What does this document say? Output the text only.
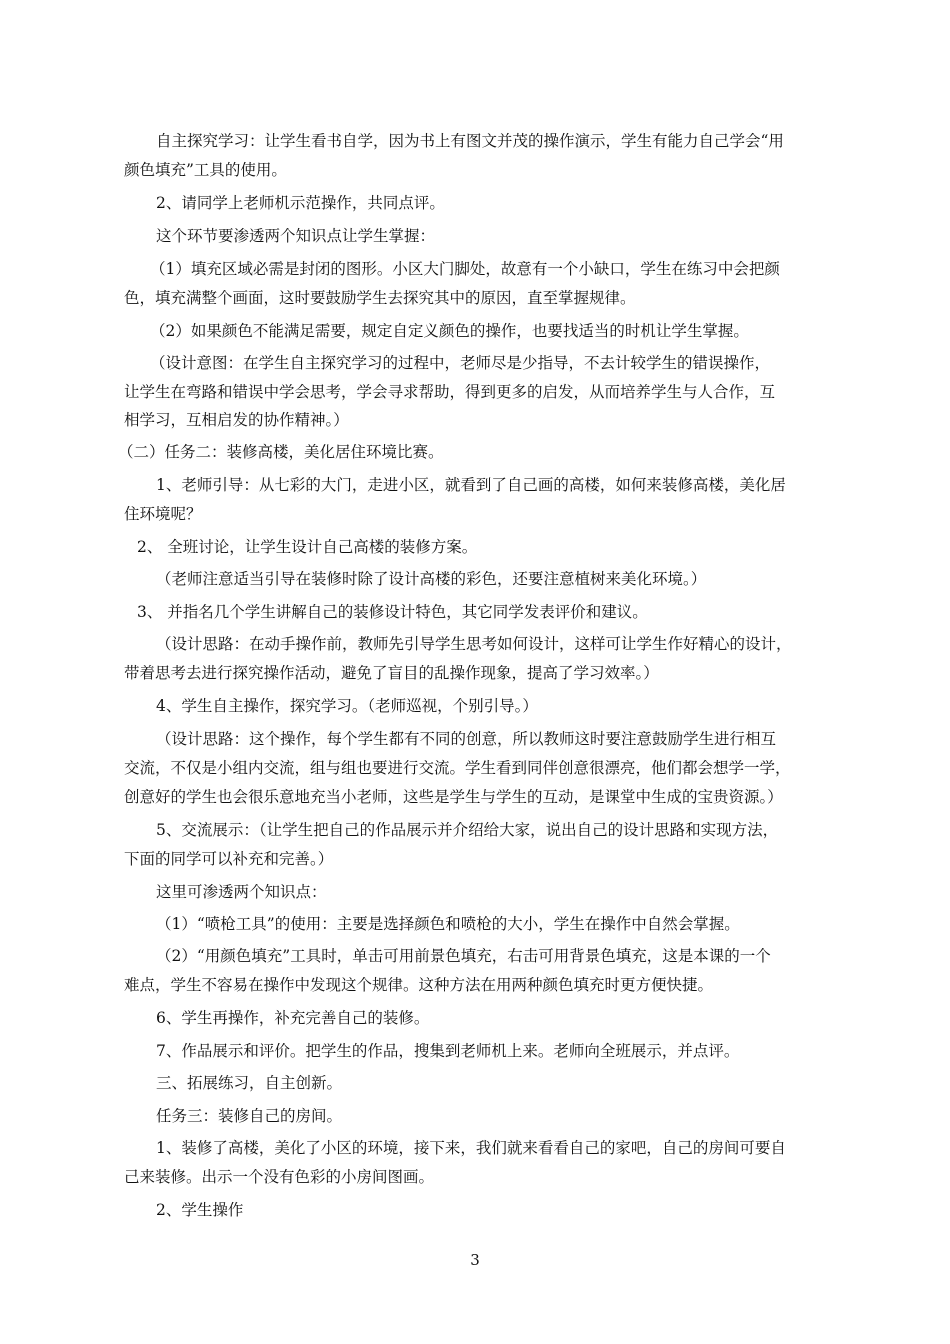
自主探究学习：让学生看书自学，因为书上有图文并茂的操作演示，学生有能力自己学会“用
颜色填充”工具的使用。
2、请同学上老师机示范操作，共同点评。
这个环节要渗透两个知识点让学生掌握：
（1）填充区域必需是封闭的图形。小区大门脚处，故意有一个小缺口，学生在练习中会把颜
色，填充满整个画面，这时要鼓励学生去探究其中的原因，直至掌握规律。
（2）如果颜色不能满足需要，规定自定义颜色的操作，也要找适当的时机让学生掌握。
（设计意图：在学生自主探究学习的过程中，老师尽是少指导，不去计较学生的错误操作，
让学生在弯路和错误中学会思考，学会寻求帮助，得到更多的启发，从而培养学生与人合作，互
相学习，互相启发的协作精神。）
（二）任务二：装修高楼，美化居住环境比赛。
1、老师引导：从七彩的大门，走进小区，就看到了自己画的高楼，如何来装修高楼，美化居
住环境呢？
2、 全班讨论，让学生设计自己高楼的装修方案。
（老师注意适当引导在装修时除了设计高楼的彩色，还要注意植树来美化环境。）
3、 并指名几个学生讲解自己的装修设计特色，其它同学发表评价和建议。
（设计思路：在动手操作前，教师先引导学生思考如何设计，这样可让学生作好精心的设计，
带着思考去进行探究操作活动，避免了盲目的乱操作现象，提高了学习效率。）
4、学生自主操作，探究学习。（老师巡视，个别引导。）
（设计思路：这个操作，每个学生都有不同的创意，所以教师这时要注意鼓励学生进行相互
交流，不仅是小组内交流，组与组也要进行交流。学生看到同伴创意很漂亮，他们都会想学一学，
创意好的学生也会很乐意地充当小老师，这些是学生与学生的互动，是课堂中生成的宝贵资源。）
5、交流展示：（让学生把自己的作品展示并介绍给大家，说出自己的设计思路和实现方法，
下面的同学可以补充和完善。）
这里可渗透两个知识点：
（1）“喷枪工具”的使用：主要是选择颜色和喷枪的大小，学生在操作中自然会掌握。
（2）“用颜色填充”工具时，单击可用前景色填充，右击可用背景色填充，这是本课的一个
难点，学生不容易在操作中发现这个规律。这种方法在用两种颜色填充时更方便快捷。
6、学生再操作，补充完善自己的装修。
7、作品展示和评价。把学生的作品，搜集到老师机上来。老师向全班展示，并点评。
三、拓展练习，自主创新。
任务三：装修自己的房间。
1、装修了高楼，美化了小区的环境，接下来，我们就来看看自己的家吧，自己的房间可要自
己来装修。出示一个没有色彩的小房间图画。
2、学生操作
3
